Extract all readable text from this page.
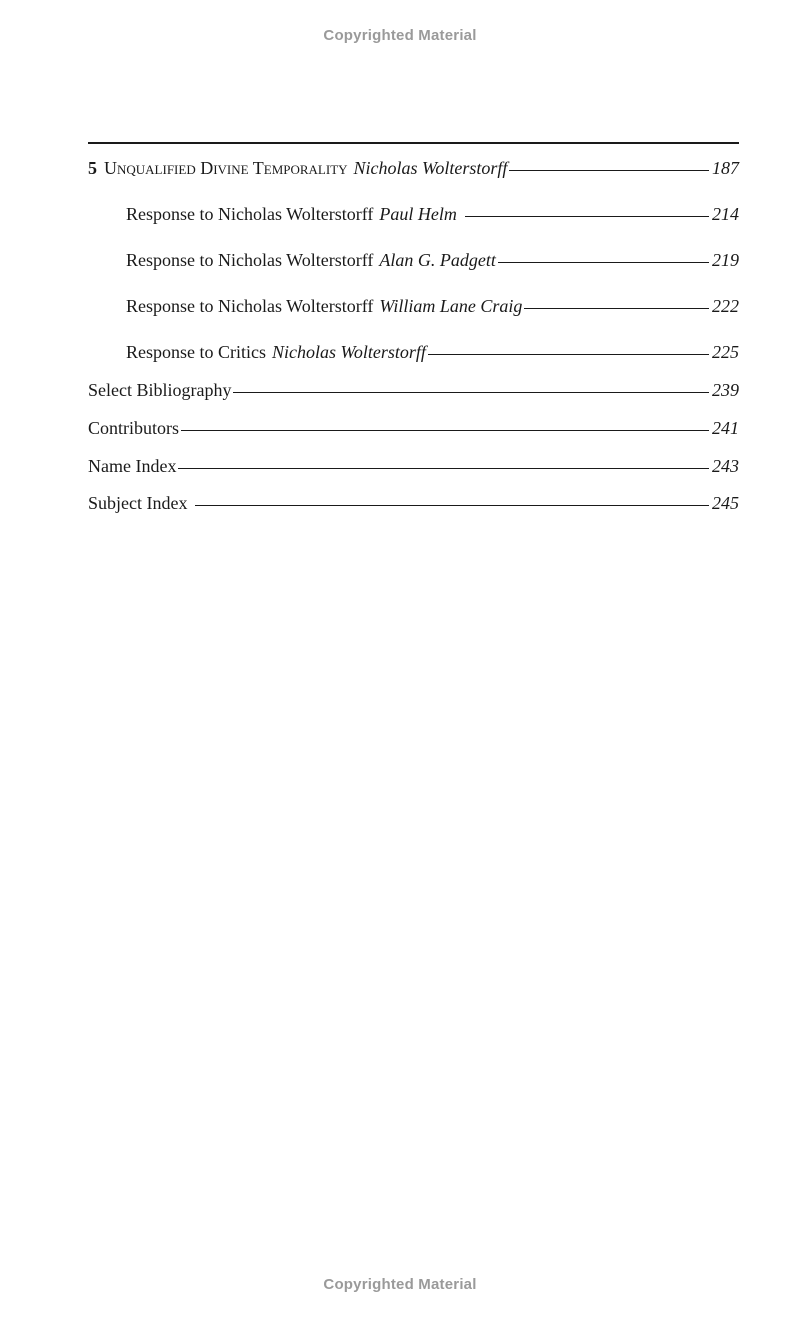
Copyrighted Material
5 Unqualified Divine Temporality Nicholas Wolterstorff	187
Response to Nicholas Wolterstorff Paul Helm	214
Response to Nicholas Wolterstorff Alan G. Padgett	219
Response to Nicholas Wolterstorff William Lane Craig	222
Response to Critics Nicholas Wolterstorff	225
Select Bibliography	239
Contributors	241
Name Index	243
Subject Index	245
Copyrighted Material
